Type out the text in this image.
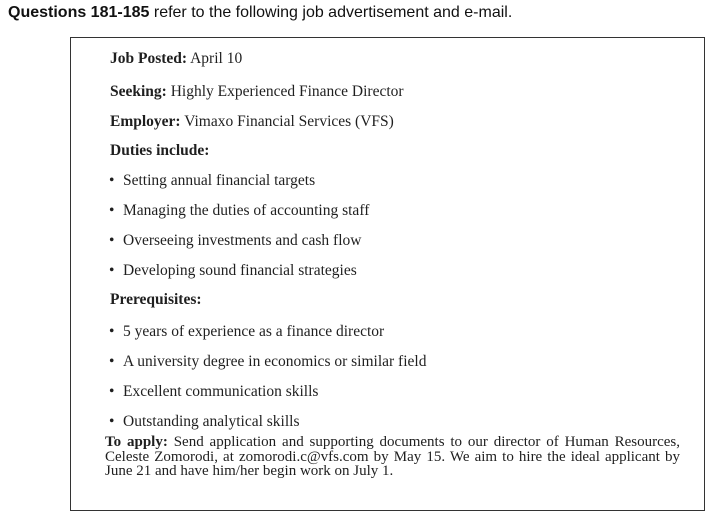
Questions 181-185 refer to the following job advertisement and e-mail.
Job Posted: April 10
Seeking: Highly Experienced Finance Director
Employer: Vimaxo Financial Services (VFS)
Duties include:
• Setting annual financial targets
• Managing the duties of accounting staff
• Overseeing investments and cash flow
• Developing sound financial strategies
Prerequisites:
• 5 years of experience as a finance director
• A university degree in economics or similar field
• Excellent communication skills
• Outstanding analytical skills
To apply: Send application and supporting documents to our director of Human Resources, Celeste Zomorodi, at zomorodi.c@vfs.com by May 15. We aim to hire the ideal applicant by June 21 and have him/her begin work on July 1.
